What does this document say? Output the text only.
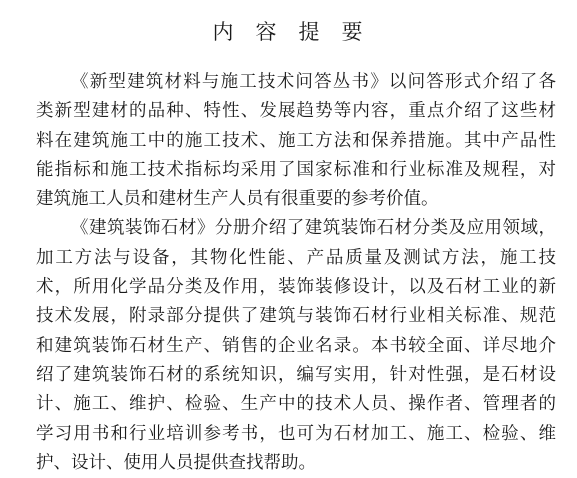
内容提要
《新型建筑材料与施工技术问答丛书》以问答形式介绍了各
类新型建材的品种、特性、发展趋势等内容，重点介绍了这些材
料在建筑施工中的施工技术、施工方法和保养措施。其中产品性
能指标和施工技术指标均采用了国家标准和行业标准及规程，对
建筑施工人员和建材生产人员有很重要的参考价值。
《建筑装饰石材》分册介绍了建筑装饰石材分类及应用领域，
加工方法与设备，其物化性能、产品质量及测试方法，施工技
术，所用化学品分类及作用，装饰装修设计，以及石材工业的新
技术发展，附录部分提供了建筑与装饰石材行业相关标准、规范
和建筑装饰石材生产、销售的企业名录。本书较全面、详尽地介
绍了建筑装饰石材的系统知识，编写实用，针对性强，是石材设
计、施工、维护、检验、生产中的技术人员、操作者、管理者的
学习用书和行业培训参考书，也可为石材加工、施工、检验、维
护、设计、使用人员提供查找帮助。
